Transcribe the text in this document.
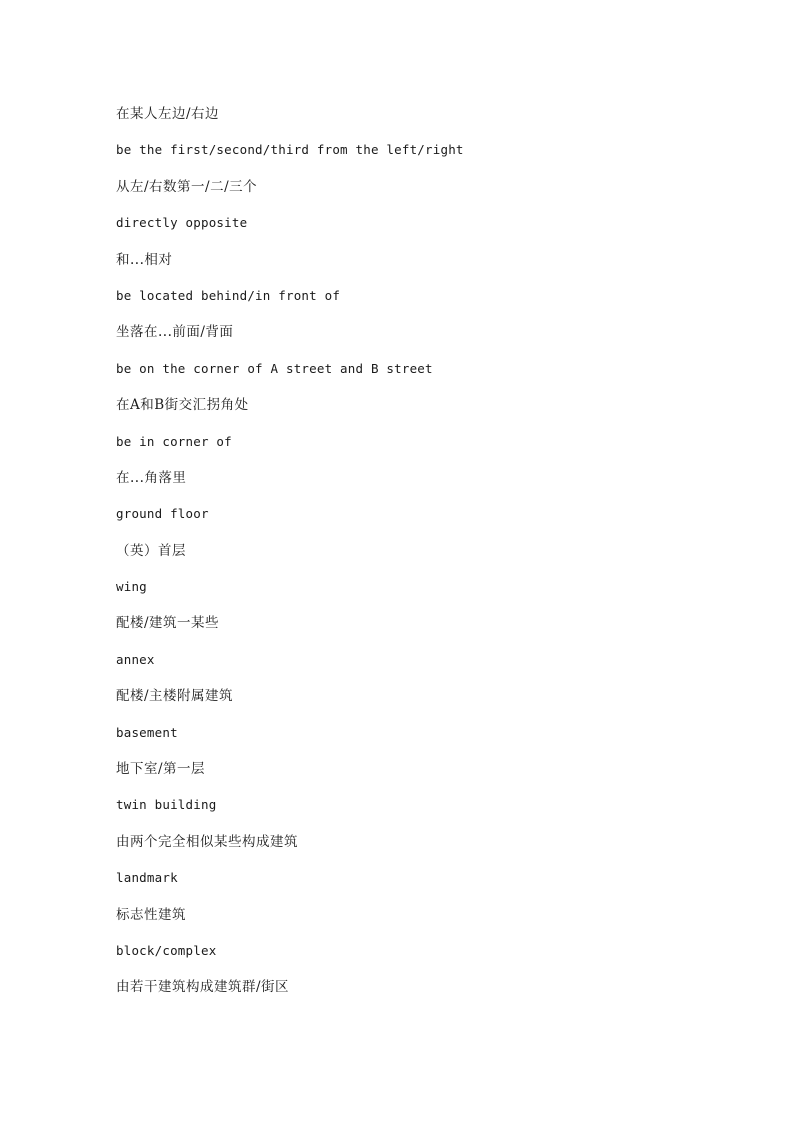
在某人左边/右边
be the first/second/third from the left/right
从左/右数第一/二/三个
directly opposite
和...相对
be located behind/in front of
坐落在...前面/背面
be on the corner of A street and B street
在A和B街交汇拐角处
be in corner of
在...角落里
ground floor
（英）首层
wing
配楼/建筑一某些
annex
配楼/主楼附属建筑
basement
地下室/第一层
twin building
由两个完全相似某些构成建筑
landmark
标志性建筑
block/complex
由若干建筑构成建筑群/街区
